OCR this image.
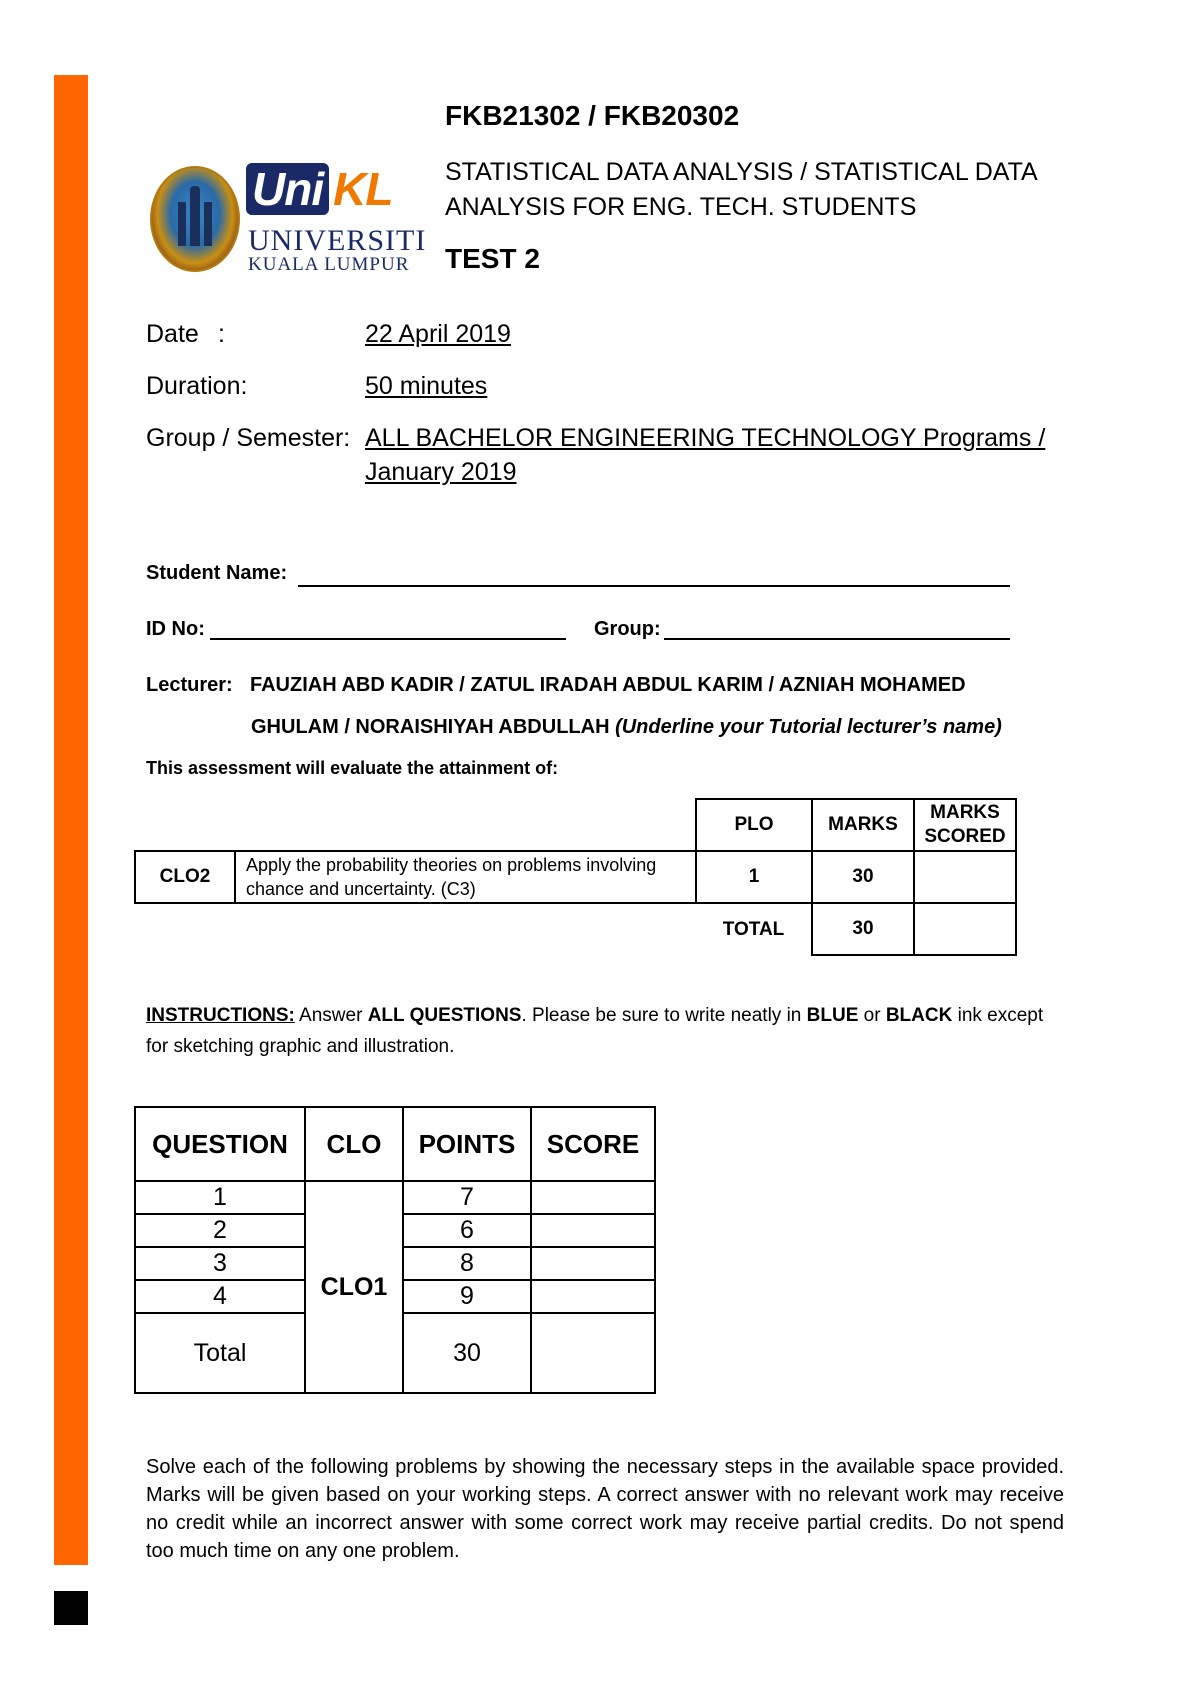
Uni KL
UNIVERSITI
KUALA LUMPUR
FKB21302 / FKB20302
STATISTICAL DATA ANALYSIS / STATISTICAL DATA
ANALYSIS FOR ENG. TECH. STUDENTS
TEST 2
Date :	22 April 2019
Duration:	50 minutes
Group / Semester: ALL BACHELOR ENGINEERING TECHNOLOGY Programs /
January 2019
Student Name:
ID No:	Group:
Lecturer: FAUZIAH ABD KADIR / ZATUL IRADAH ABDUL KARIM / AZNIAH MOHAMED
GHULAM / NORAISHIYAH ABDULLAH (Underline your Tutorial lecturer’s name)
This assessment will evaluate the attainment of:
		PLO	MARKS	MARKS
SCORED

CLO2	Apply the probability theories on problems involving
chance and uncertainty. (C3)	1	30	
		TOTAL	30	
INSTRUCTIONS: Answer ALL QUESTIONS. Please be sure to write neatly in BLUE or BLACK ink except for sketching graphic and illustration.
QUESTION	CLO	POINTS	SCORE
1	CLO1	7	
2		6	
3		8	
4		9	
Total		30	
Solve each of the following problems by showing the necessary steps in the available space provided. Marks will be given based on your working steps. A correct answer with no relevant work may receive no credit while an incorrect answer with some correct work may receive partial credits. Do not spend too much time on any one problem.
